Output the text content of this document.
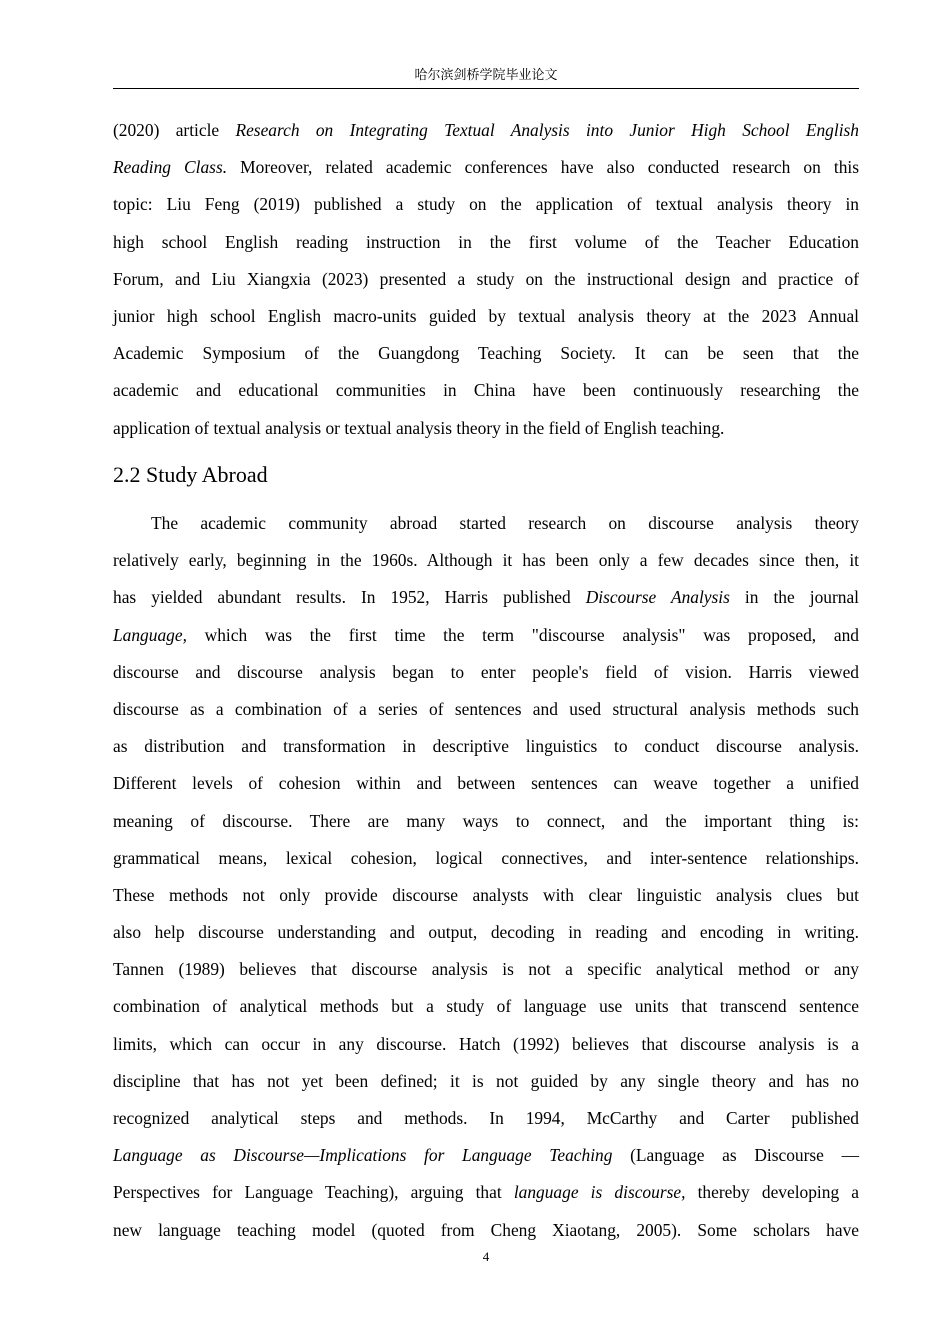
哈尔滨剑桥学院毕业论文
(2020) article Research on Integrating Textual Analysis into Junior High School English
Reading Class. Moreover, related academic conferences have also conducted research on this
topic: Liu Feng (2019) published a study on the application of textual analysis theory in
high school English reading instruction in the first volume of the Teacher Education
Forum, and Liu Xiangxia (2023) presented a study on the instructional design and practice of
junior high school English macro-units guided by textual analysis theory at the 2023 Annual
Academic Symposium of the Guangdong Teaching Society. It can be seen that the
academic and educational communities in China have been continuously researching the
application of textual analysis or textual analysis theory in the field of English teaching.
2.2 Study Abroad
The academic community abroad started research on discourse analysis theory
relatively early, beginning in the 1960s. Although it has been only a few decades since then, it
has yielded abundant results. In 1952, Harris published Discourse Analysis in the journal
Language, which was the first time the term "discourse analysis" was proposed, and
discourse and discourse analysis began to enter people's field of vision. Harris viewed
discourse as a combination of a series of sentences and used structural analysis methods such
as distribution and transformation in descriptive linguistics to conduct discourse analysis.
Different levels of cohesion within and between sentences can weave together a unified
meaning of discourse. There are many ways to connect, and the important thing is:
grammatical means, lexical cohesion, logical connectives, and inter-sentence relationships.
These methods not only provide discourse analysts with clear linguistic analysis clues but
also help discourse understanding and output, decoding in reading and encoding in writing.
Tannen (1989) believes that discourse analysis is not a specific analytical method or any
combination of analytical methods but a study of language use units that transcend sentence
limits, which can occur in any discourse. Hatch (1992) believes that discourse analysis is a
discipline that has not yet been defined; it is not guided by any single theory and has no
recognized analytical steps and methods. In 1994, McCarthy and Carter published
Language as Discourse—Implications for Language Teaching (Language as Discourse —
Perspectives for Language Teaching), arguing that language is discourse, thereby developing a
new language teaching model (quoted from Cheng Xiaotang, 2005). Some scholars have
4
